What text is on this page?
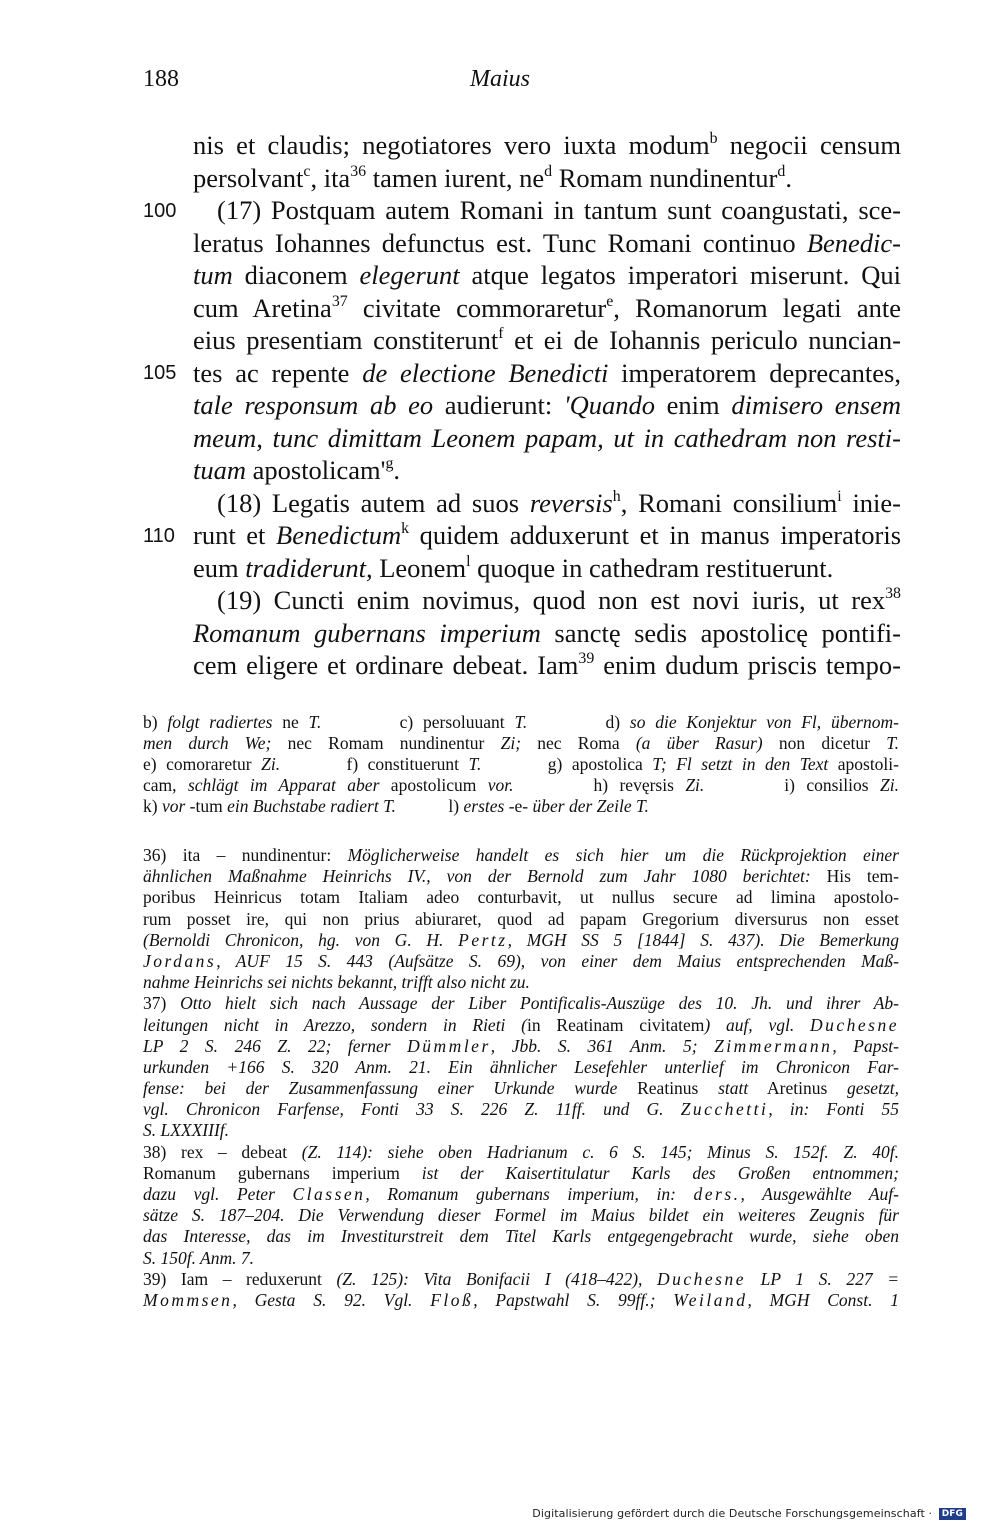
188	Maius
100
105
110
nis et claudis; negotiatores vero iuxta modum$^b$ negocii censum
persolvant$^c$, ita$^{36}$ tamen iurent, $ne^d$ Romam nundinentur$^d$.
(17) Postquam autem Romani in tantum sunt coangustati, sce-
leratus Iohannes defunctus est. Tunc Romani continuo Benedic-
tum diaconem elegerunt atque legatos imperatori miserunt. Qui
cum Aretina$^{37}$ civitate commoraretur$^e$, Romanorum legati ante
eius presentiam constiterunt$^f$ et ei de Iohannis periculo nuncian-
tes ac repente de electione Benedicti imperatorem deprecantes,
tale responsum ab eo audierunt: 'Quando enim dimisero ensem
meum, tunc dimittam Leonem papam, ut in cathedram non resti-
tuam $apostolicam'^g$.
(18) Legatis autem ad suos reversis$^h$, Romani consilium$^i$ inie-
runt et Benedictum$^k$ quidem adduxerunt et in manus imperatoris
eum tradiderunt, Leonem$^l$ quoque in cathedram restituerunt.
(19) Cuncti enim novimus, quod non est novi iuris, ut rex$^{38}$
Romanum gubernans imperium sanctę sedis apostolicę pontifi-
cem eligere et ordinare debeat. Iam$^{39}$ enim dudum priscis tempo-
b) folgt radiertes ne T.        c) persoluuant T.        d) so die Konjektur von Fl, übernom-
men durch We; nec Romam nundinentur Zi; nec Roma (a über Rasur) non dicetur T.
e) comoraretur Zi.       f) constituerunt T.       g) apostolica T; Fl setzt in den Text apostoli-
cam, schlägt im Apparat aber apostolicum vor.       h) revęrsis Zi.       i) consilios Zi.
k) vor -tum ein Buchstabe radiert T.            l) erstes -e- über der Zeile T.
36) ita – nundinentur: Möglicherweise handelt es sich hier um die Rückprojektion einer
ähnlichen Maßnahme Heinrichs IV., von der Bernold zum Jahr 1080 berichtet: His tem-
poribus Heinricus totam Italiam adeo conturbavit, ut nullus secure ad limina apostolo-
rum posset ire, qui non prius abiuraret, quod ad papam Gregorium diversurus non esset
(Bernoldi Chronicon, hg. von G. H. Pertz, MGH SS 5 [1844] S. 437). Die Bemerkung
Jordans, AUF 15 S. 443 (Aufsätze S. 69), von einer dem Maius entsprechenden Maß-
nahme Heinrichs sei nichts bekannt, trifft also nicht zu.
37) Otto hielt sich nach Aussage der Liber Pontificalis-Auszüge des 10. Jh. und ihrer Ab-
leitungen nicht in Arezzo, sondern in Rieti (in Reatinam civitatem) auf, vgl. Duchesne
LP 2 S. 246 Z. 22; ferner Dümmler, Jbb. S. 361 Anm. 5; Zimmermann, Papst-
urkunden +166 S. 320 Anm. 21. Ein ähnlicher Lesefehler unterlief im Chronicon Far-
fense: bei der Zusammenfassung einer Urkunde wurde Reatinus statt Aretinus gesetzt,
vgl. Chronicon Farfense, Fonti 33 S. 226 Z. 11ff. und G. Zucchetti, in: Fonti 55
S. LXXXIIIf.
38) rex – debeat (Z. 114): siehe oben Hadrianum c. 6 S. 145; Minus S. 152f. Z. 40f.
Romanum gubernans imperium ist der Kaisertitulatur Karls des Großen entnommen;
dazu vgl. Peter Classen, Romanum gubernans imperium, in: ders., Ausgewählte Auf-
sätze S. 187–204. Die Verwendung dieser Formel im Maius bildet ein weiteres Zeugnis für
das Interesse, das im Investiturstreit dem Titel Karls entgegengebracht wurde, siehe oben
S. 150f. Anm. 7.
39) Iam – reduxerunt (Z. 125): Vita Bonifacii I (418–422), Duchesne LP 1 S. 227 =
Mommsen, Gesta S. 92. Vgl. Floß, Papstwahl S. 99ff.; Weiland, MGH Const. 1
Digitalisierung gefördert durch die Deutsche Forschungsgemeinschaft · DFG
